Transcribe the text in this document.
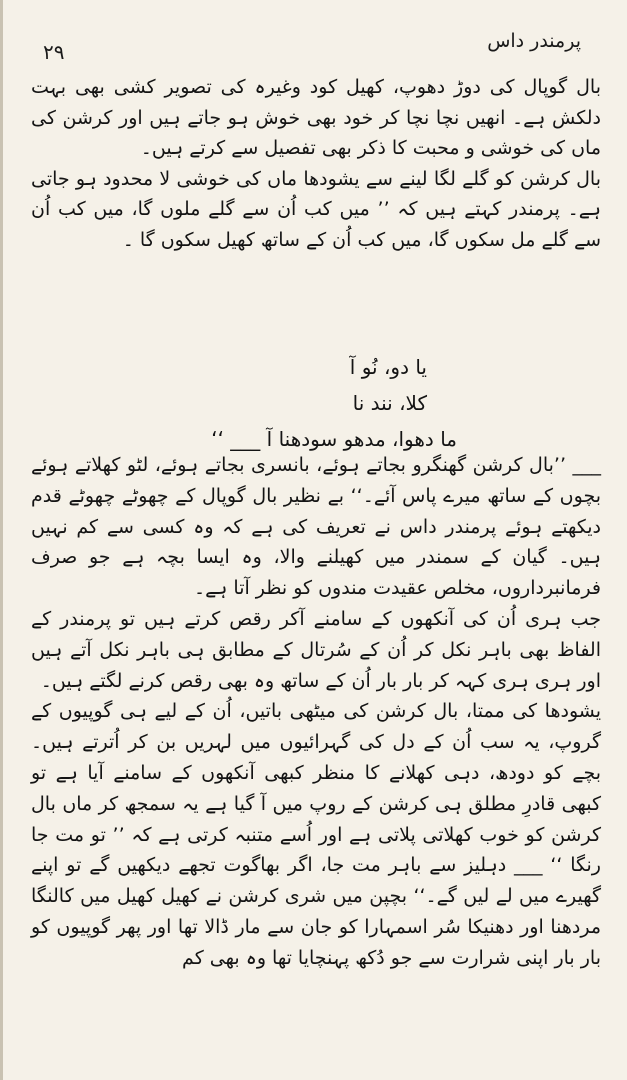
۲۹	پرمندر داس

بال گوپال کی دوڑ دھوپ، کھیل کود وغیرہ کی تصویر کشی بھی بہت دلکش ہے۔ انھیں نچا نچا کر خود بھی خوش ہو جاتے ہیں اور کرشن کی ماں کی خوشی و محبت کا ذکر بھی تفصیل سے کرتے ہیں۔

بال کرشن کو گلے لگا لینے سے یشودھا ماں کی خوشی لا محدود ہو جاتی ہے۔ پرمندر کہتے ہیں کہ ’’ میں کب اُن سے گلے ملوں گا، میں کب اُن سے گلے مل سکوں گا، میں کب اُن کے ساتھ کھیل سکوں گا ۔

یا دو، نُو آ
کلا، نند نا
ما دھوا، مدھو سودھنا آ ___ ‘‘

___ ’’بال کرشن گھنگرو بجاتے ہوئے، بانسری بجاتے ہوئے، لٹو کھلاتے ہوئے بچوں کے ساتھ میرے پاس آئے۔‘‘ بے نظیر بال گوپال کے چھوٹے چھوٹے قدم دیکھتے ہوئے پرمندر داس نے تعریف کی ہے کہ وہ کسی سے کم نہیں ہیں۔ گیان کے سمندر میں کھیلنے والا، وہ ایسا بچہ ہے جو صرف فرمانبرداروں، مخلص عقیدت مندوں کو نظر آتا ہے۔

جب ہری اُن کی آنکھوں کے سامنے آکر رقص کرتے ہیں تو پرمندر کے الفاظ بھی باہر نکل کر اُن کے سُرتال کے مطابق ہی باہر نکل آتے ہیں اور ہری ہری کہہ کر بار بار اُن کے ساتھ وہ بھی رقص کرنے لگتے ہیں۔

یشودھا کی ممتا، بال کرشن کی میٹھی باتیں، اُن کے لیے ہی گوپیوں کے گروپ، یہ سب اُن کے دل کی گہرائیوں میں لہریں بن کر اُترتے ہیں۔ بچے کو دودھ، دہی کھلانے کا منظر کبھی آنکھوں کے سامنے آیا ہے تو کبھی قادرِ مطلق ہی کرشن کے روپ میں آ گیا ہے یہ سمجھ کر ماں بال کرشن کو خوب کھلاتی پلاتی ہے اور اُسے متنبہ کرتی ہے کہ ’’ تو مت جا رنگا ‘‘ ___ دہلیز سے باہر مت جا، اگر بھاگوت تجھے دیکھیں گے تو اپنے گھیرے میں لے لیں گے۔‘‘ بچپن میں شری کرشن نے کھیل کھیل میں کالنگا مردھنا اور دھنیکا سُر اسمہارا کو جان سے مار ڈالا تھا اور پھر گوپیوں کو بار بار اپنی شرارت سے جو دُکھ پہنچایا تھا وہ بھی کم
